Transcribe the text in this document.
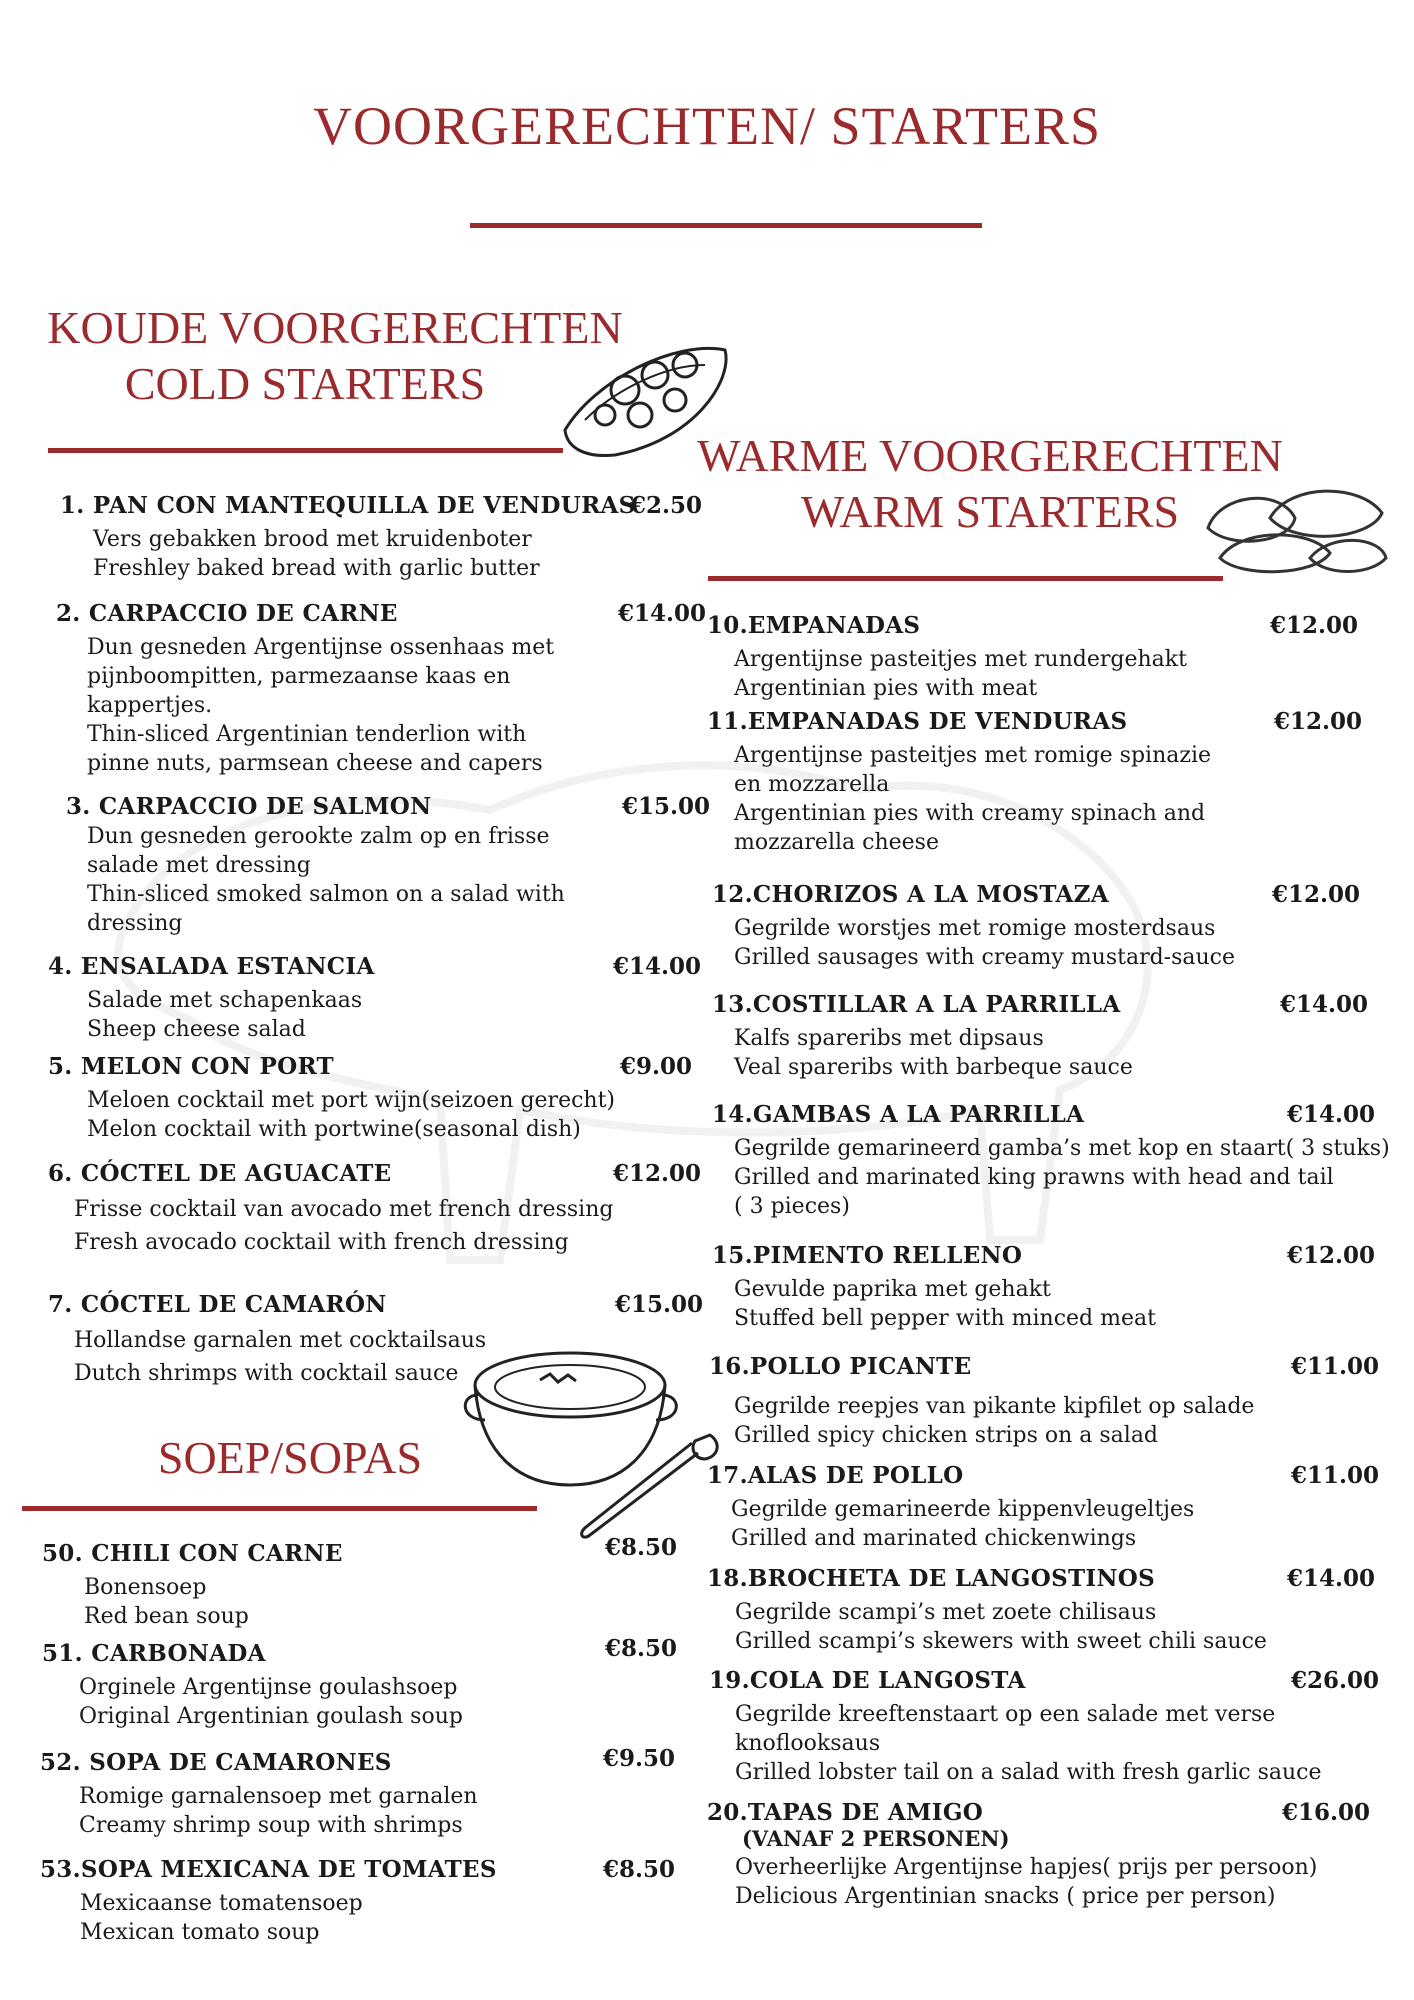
VOORGERECHTEN/ STARTERS
KOUDE VOORGERECHTEN
COLD STARTERS
WARME VOORGERECHTEN
WARM STARTERS
SOEP/SOPAS
1. PAN CON MANTEQUILLA DE VENDURAS
€2.50
Vers gebakken brood met kruidenboter
Freshley baked bread with garlic butter
2. CARPACCIO DE CARNE	€14.00
Dun gesneden Argentijnse ossenhaas met
pijnboompitten, parmezaanse kaas en
kappertjes.
Thin-sliced Argentinian tenderlion with
pinne nuts, parmsean cheese and capers
3. CARPACCIO DE SALMON	€15.00
Dun gesneden gerookte zalm op en frisse
salade met dressing
Thin-sliced smoked salmon on a salad with
dressing
4. ENSALADA ESTANCIA	€14.00
Salade met schapenkaas
Sheep cheese salad
5. MELON CON PORT	€9.00
Meloen cocktail met port wijn(seizoen gerecht)
Melon cocktail with portwine(seasonal dish)
6. CÓCTEL DE AGUACATE	€12.00
Frisse cocktail van avocado met french dressing
Fresh avocado cocktail with french dressing
7. CÓCTEL DE CAMARÓN	€15.00
Hollandse garnalen met cocktailsaus
Dutch shrimps with cocktail sauce
50. CHILI CON CARNE	€8.50
Bonensoep
Red bean soup
51. CARBONADA	€8.50
Orginele Argentijnse goulashsoep
Original Argentinian goulash soup
52. SOPA DE CAMARONES	€9.50
Romige garnalensoep met garnalen
Creamy shrimp soup with shrimps
53.SOPA MEXICANA DE TOMATES	€8.50
Mexicaanse tomatensoep
Mexican tomato soup
10.EMPANADAS	€12.00
Argentijnse pasteitjes met rundergehakt
Argentinian pies with meat
11.EMPANADAS DE VENDURAS	€12.00
Argentijnse pasteitjes met romige spinazie
en mozzarella
Argentinian pies with creamy spinach and
mozzarella cheese
12.CHORIZOS A LA MOSTAZA	€12.00
Gegrilde worstjes met romige mosterdsaus
Grilled sausages with creamy mustard-sauce
13.COSTILLAR A LA PARRILLA	€14.00
Kalfs spareribs met dipsaus
Veal spareribs with barbeque sauce
14.GAMBAS A LA PARRILLA	€14.00
Gegrilde gemarineerd gamba’s met kop en staart( 3 stuks)
Grilled and marinated king prawns with head and tail
( 3 pieces)
15.PIMENTO RELLENO	€12.00
Gevulde paprika met gehakt
Stuffed bell pepper with minced meat
16.POLLO PICANTE	€11.00
Gegrilde reepjes van pikante kipfilet op salade
Grilled spicy chicken strips on a salad
17.ALAS DE POLLO	€11.00
Gegrilde gemarineerde kippenvleugeltjes
Grilled and marinated chickenwings
18.BROCHETA DE LANGOSTINOS	€14.00
Gegrilde scampi’s met zoete chilisaus
Grilled scampi’s skewers with sweet chili sauce
19.COLA DE LANGOSTA	€26.00
Gegrilde kreeftenstaart op een salade met verse
knoflooksaus
Grilled lobster tail on a salad with fresh garlic sauce
20.TAPAS DE AMIGO	€16.00
(VANAF 2 PERSONEN)
Overheerlijke Argentijnse hapjes( prijs per persoon)
Delicious Argentinian snacks ( price per person)
